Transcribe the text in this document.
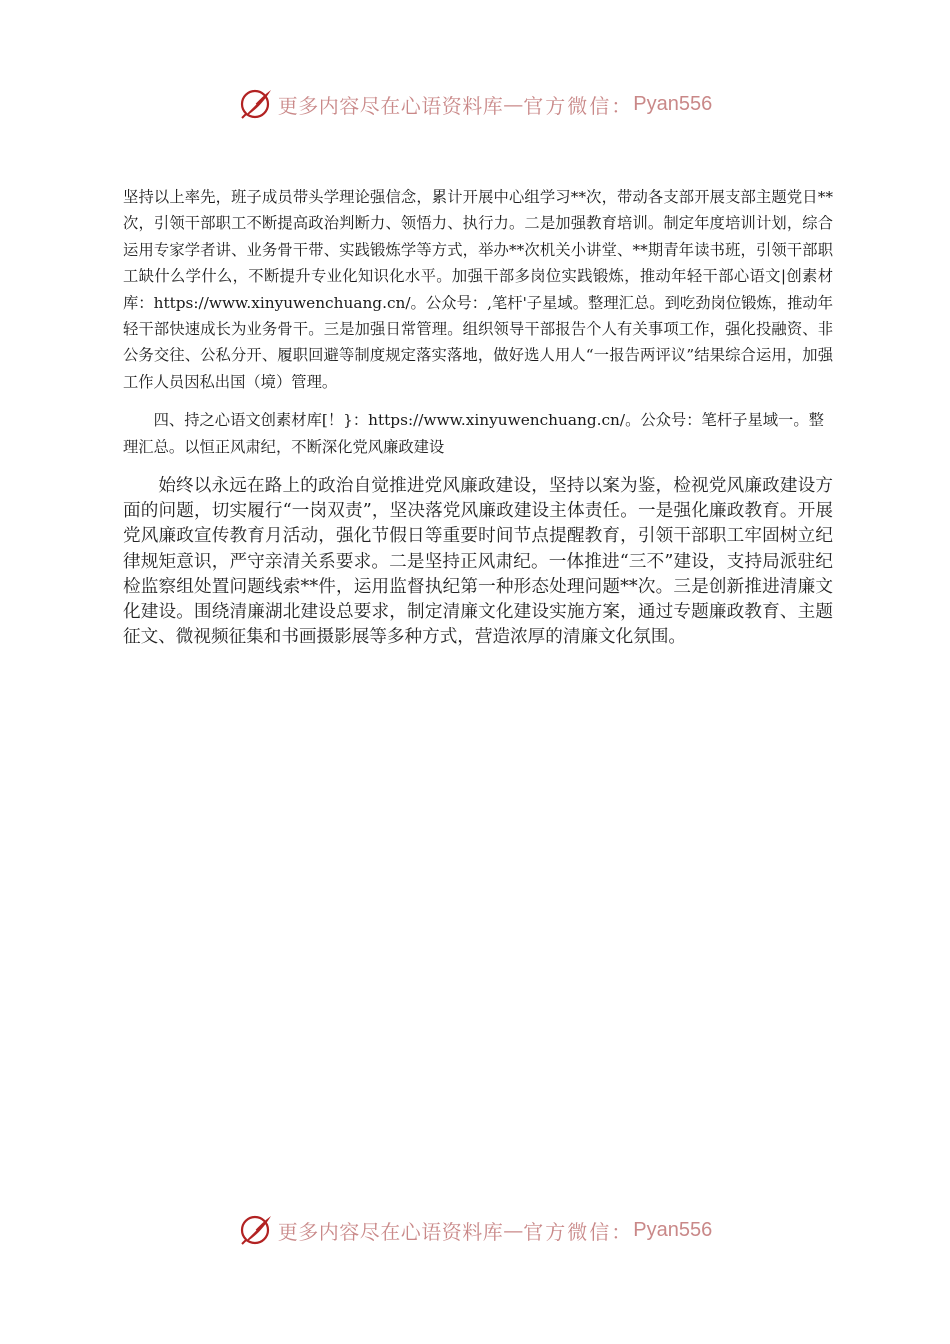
更多内容尽在心语资料库 — 官方微信： Pyan556

坚持以上率先，班子成员带头学理论强信念，累计开展中心组学习**次，带动各支部开展支部主题党日**次，引领干部职工不断提高政治判断力、领悟力、执行力。二是加强教育培训。制定年度培训计划，综合运用专家学者讲、业务骨干带、实践锻炼学等方式，举办**次机关小讲堂、**期青年读书班，引领干部职工缺什么学什么，不断提升专业化知识化水平。加强干部多岗位实践锻炼，推动年轻干部心语文|创素材库：https://www.xinyuwenchuang.cn/。公众号：,笔杆'子星域。整理汇总。到吃劲岗位锻炼，推动年轻干部快速成长为业务骨干。三是加强日常管理。组织领导干部报告个人有关事项工作，强化投融资、非公务交往、公私分开、履职回避等制度规定落实落地，做好选人用人“一报告两评议”结果综合运用，加强工作人员因私出国（境）管理。

四、持之心语文创素材库[！}：https://www.xinyuwenchuang.cn/。公众号：笔杆子星域一。整理汇总。以恒正风肃纪，不断深化党风廉政建设

始终以永远在路上的政治自觉推进党风廉政建设，坚持以案为鉴，检视党风廉政建设方面的问题，切实履行“一岗双责”，坚决落党风廉政建设主体责任。一是强化廉政教育。开展党风廉政宣传教育月活动，强化节假日等重要时间节点提醒教育，引领干部职工牢固树立纪律规矩意识，严守亲清关系要求。二是坚持正风肃纪。一体推进“三不”建设，支持局派驻纪检监察组处置问题线索**件，运用监督执纪第一种形态处理问题**次。三是创新推进清廉文化建设。围绕清廉湖北建设总要求，制定清廉文化建设实施方案，通过专题廉政教育、主题征文、微视频征集和书画摄影展等多种方式，营造浓厚的清廉文化氛围。

更多内容尽在心语资料库 — 官方微信： Pyan556
